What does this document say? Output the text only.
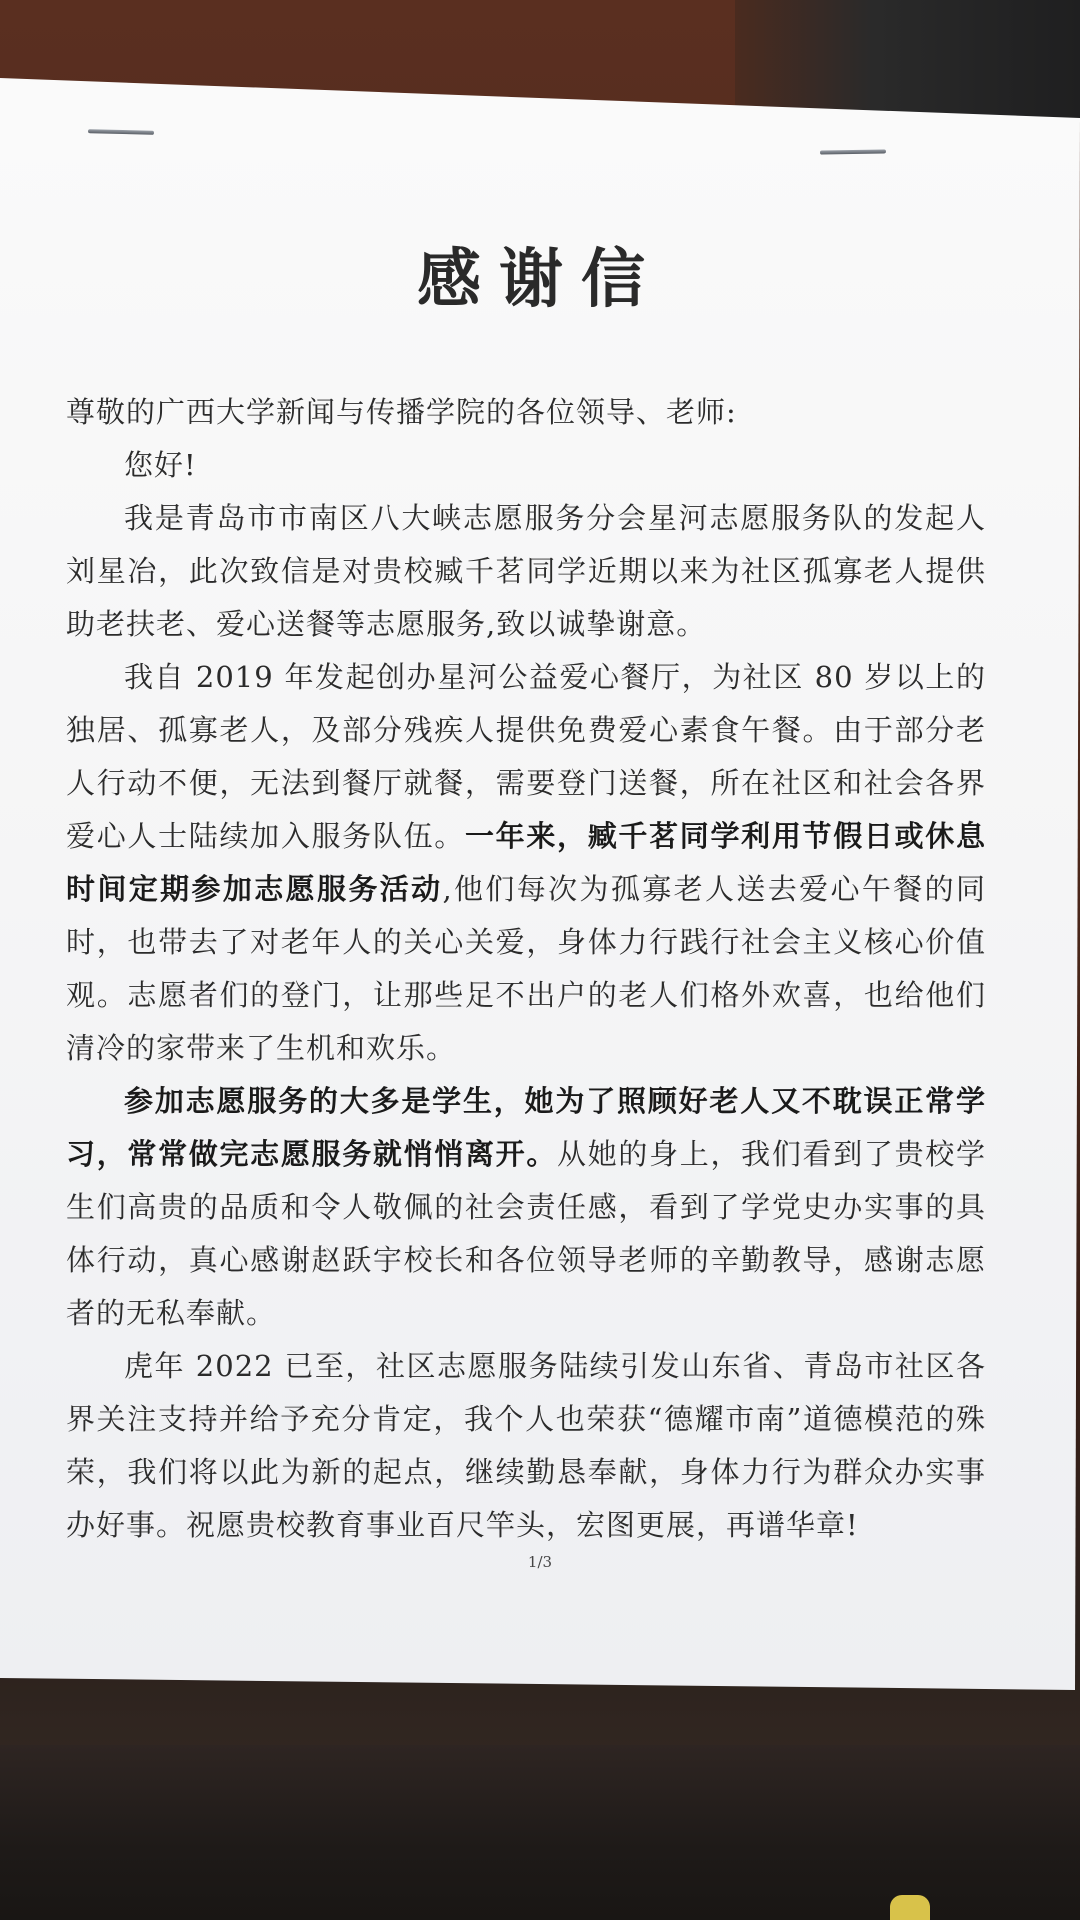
感谢信

尊敬的广西大学新闻与传播学院的各位领导、老师:

您好!

我是青岛市市南区八大峡志愿服务分会星河志愿服务队的发起人刘星冶，此次致信是对贵校臧千茗同学近期以来为社区孤寡老人提供助老扶老、爱心送餐等志愿服务,致以诚挚谢意。

我自 2019 年发起创办星河公益爱心餐厅，为社区 80 岁以上的独居、孤寡老人，及部分残疾人提供免费爱心素食午餐。由于部分老人行动不便，无法到餐厅就餐，需要登门送餐，所在社区和社会各界爱心人士陆续加入服务队伍。一年来，臧千茗同学利用节假日或休息时间定期参加志愿服务活动,他们每次为孤寡老人送去爱心午餐的同时，也带去了对老年人的关心关爱，身体力行践行社会主义核心价值观。志愿者们的登门，让那些足不出户的老人们格外欢喜，也给他们清冷的家带来了生机和欢乐。

参加志愿服务的大多是学生，她为了照顾好老人又不耽误正常学习，常常做完志愿服务就悄悄离开。从她的身上，我们看到了贵校学生们高贵的品质和令人敬佩的社会责任感，看到了学党史办实事的具体行动，真心感谢赵跃宇校长和各位领导老师的辛勤教导，感谢志愿者的无私奉献。

虎年 2022 已至，社区志愿服务陆续引发山东省、青岛市社区各界关注支持并给予充分肯定，我个人也荣获“德耀市南”道德模范的殊荣，我们将以此为新的起点，继续勤恳奉献，身体力行为群众办实事办好事。祝愿贵校教育事业百尺竿头，宏图更展，再谱华章!

1/3
